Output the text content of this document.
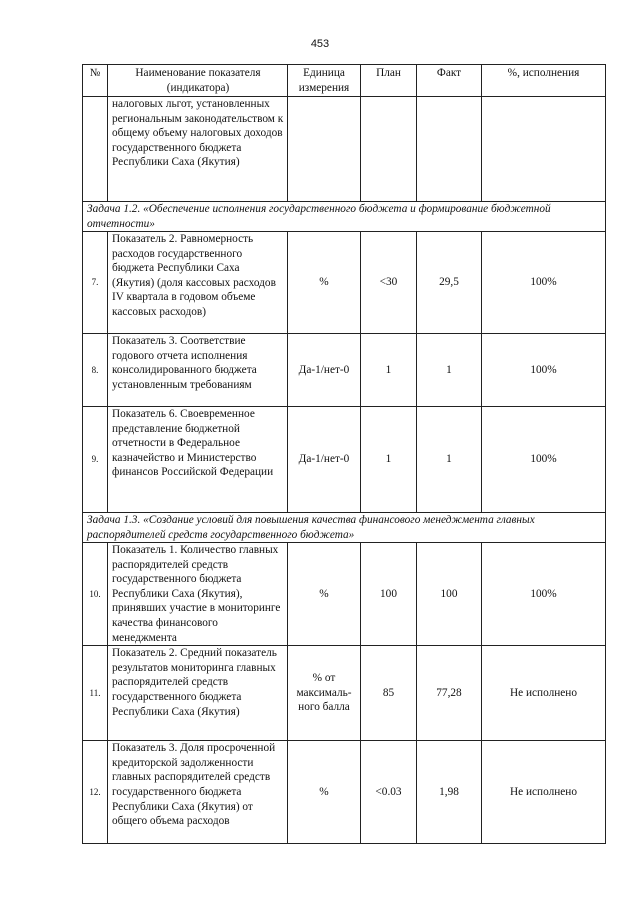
453
№	Наименование показателя (индикатора)	Единица измерения	План	Факт	%, исполнения
	налоговых льгот, установленных региональным законодательством к общему объему налоговых доходов государственного бюджета Республики Саха (Якутия)				
Задача 1.2. «Обеспечение исполнения государственного бюджета и формирование бюджетной отчетности»					
7.	Показатель 2. Равномерность расходов государственного бюджета Республики Саха (Якутия) (доля кассовых расходов IV квартала в годовом объеме кассовых расходов)	%	<30	29,5	100%
8.	Показатель 3. Соответствие годового отчета исполнения консолидированного бюджета установленным требованиям	Да-1/нет-0	1	1	100%
9.	Показатель 6. Своевременное представление бюджетной отчетности в Федеральное казначейство и Министерство финансов Российской Федерации	Да-1/нет-0	1	1	100%
Задача 1.3. «Создание условий для повышения качества финансового менеджмента главных распорядителей средств государственного бюджета»					
10.	Показатель 1. Количество главных распорядителей средств государственного бюджета Республики Саха (Якутия), принявших участие в мониторинге качества финансового менеджмента	%	100	100	100%
11.	Показатель 2. Средний показатель результатов мониторинга главных распорядителей средств государственного бюджета Республики Саха (Якутия)	% от максималь-ного балла	85	77,28	Не исполнено
12.	Показатель 3. Доля просроченной кредиторской задолженности главных распорядителей средств государственного бюджета Республики Саха (Якутия) от общего объема расходов	%	<0.03	1,98	Не исполнено
